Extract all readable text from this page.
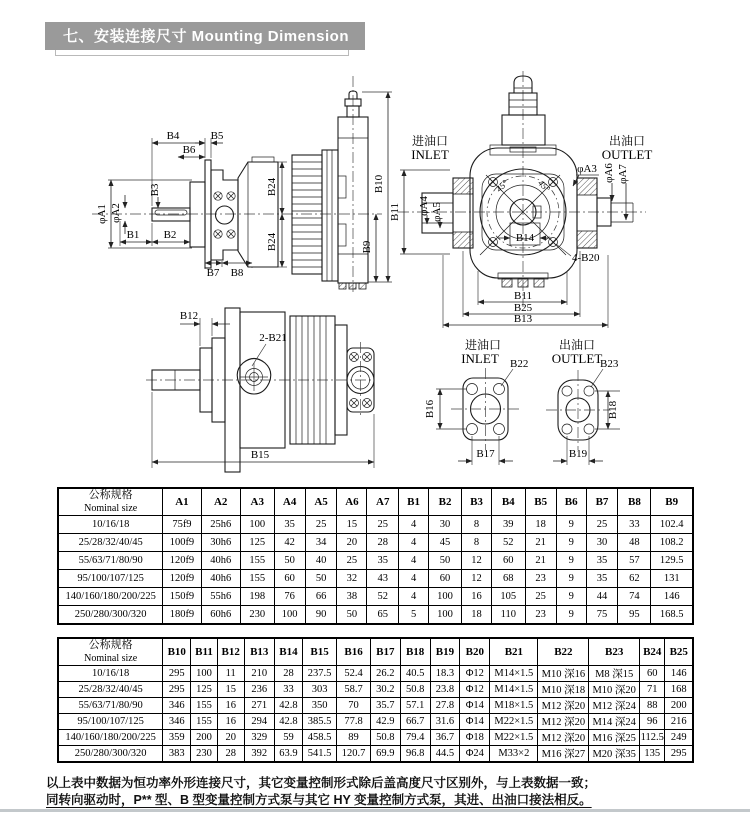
七、安装连接尺寸 Mounting Dimension
B4	B5
B6
φA1 φA2
B3
B1 B2
B24
B24
B10
B9
B7 B8
B14
45°	45°
进油口
INLET
出油口
OUTLET
φA3 φA6 φA7
B11 φA4 φA5
4-B20
B11
B25
B13
2-B21
B12
B15
进油口
INLET B22
B16
B17
出油口
OUTLET
B23
B18
B19
公称规格
Nominal size	A1	A2	A3	A4	A5	A6	A7	B1	B2	B3	B4	B5	B6	B7	B8	B9
10/16/18	75f9	25h6	100	35	25	15	25	4	30	8	39	18	9	25	33	102.4
25/28/32/40/45	100f9	30h6	125	42	34	20	28	4	45	8	52	21	9	30	48	108.2
55/63/71/80/90	120f9	40h6	155	50	40	25	35	4	50	12	60	21	9	35	57	129.5
95/100/107/125	120f9	40h6	155	60	50	32	43	4	60	12	68	23	9	35	62	131
140/160/180/200/225	150f9	55h6	198	76	66	38	52	4	100	16	105	25	9	44	74	146
250/280/300/320	180f9	60h6	230	100	90	50	65	5	100	18	110	23	9	75	95	168.5
公称规格
Nominal size	B10	B11	B12	B13	B14	B15	B16	B17	B18	B19	B20	B21	B22	B23	B24	B25
10/16/18	295	100	11	210	28	237.5	52.4	26.2	40.5	18.3	Φ12	M14×1.5	M10 深16	M8 深15	60	146
25/28/32/40/45	295	125	15	236	33	303	58.7	30.2	50.8	23.8	Φ12	M14×1.5	M10 深18	M10 深20	71	168
55/63/71/80/90	346	155	16	271	42.8	350	70	35.7	57.1	27.8	Φ14	M18×1.5	M12 深20	M12 深24	88	200
95/100/107/125	346	155	16	294	42.8	385.5	77.8	42.9	66.7	31.6	Φ14	M22×1.5	M12 深20	M14 深24	96	216
140/160/180/200/225	359	200	20	329	59	458.5	89	50.8	79.4	36.7	Φ18	M22×1.5	M12 深20	M16 深25	112.5	249
250/280/300/320	383	230	28	392	63.9	541.5	120.7	69.9	96.8	44.5	Φ24	M33×2	M16 深27	M20 深35	135	295
以上表中数据为恒功率外形连接尺寸，其它变量控制形式除后盖高度尺寸区别外，与上表数据一致；
同转向驱动时，P** 型、B 型变量控制方式泵与其它 HY 变量控制方式泵，其进、出油口接法相反。
